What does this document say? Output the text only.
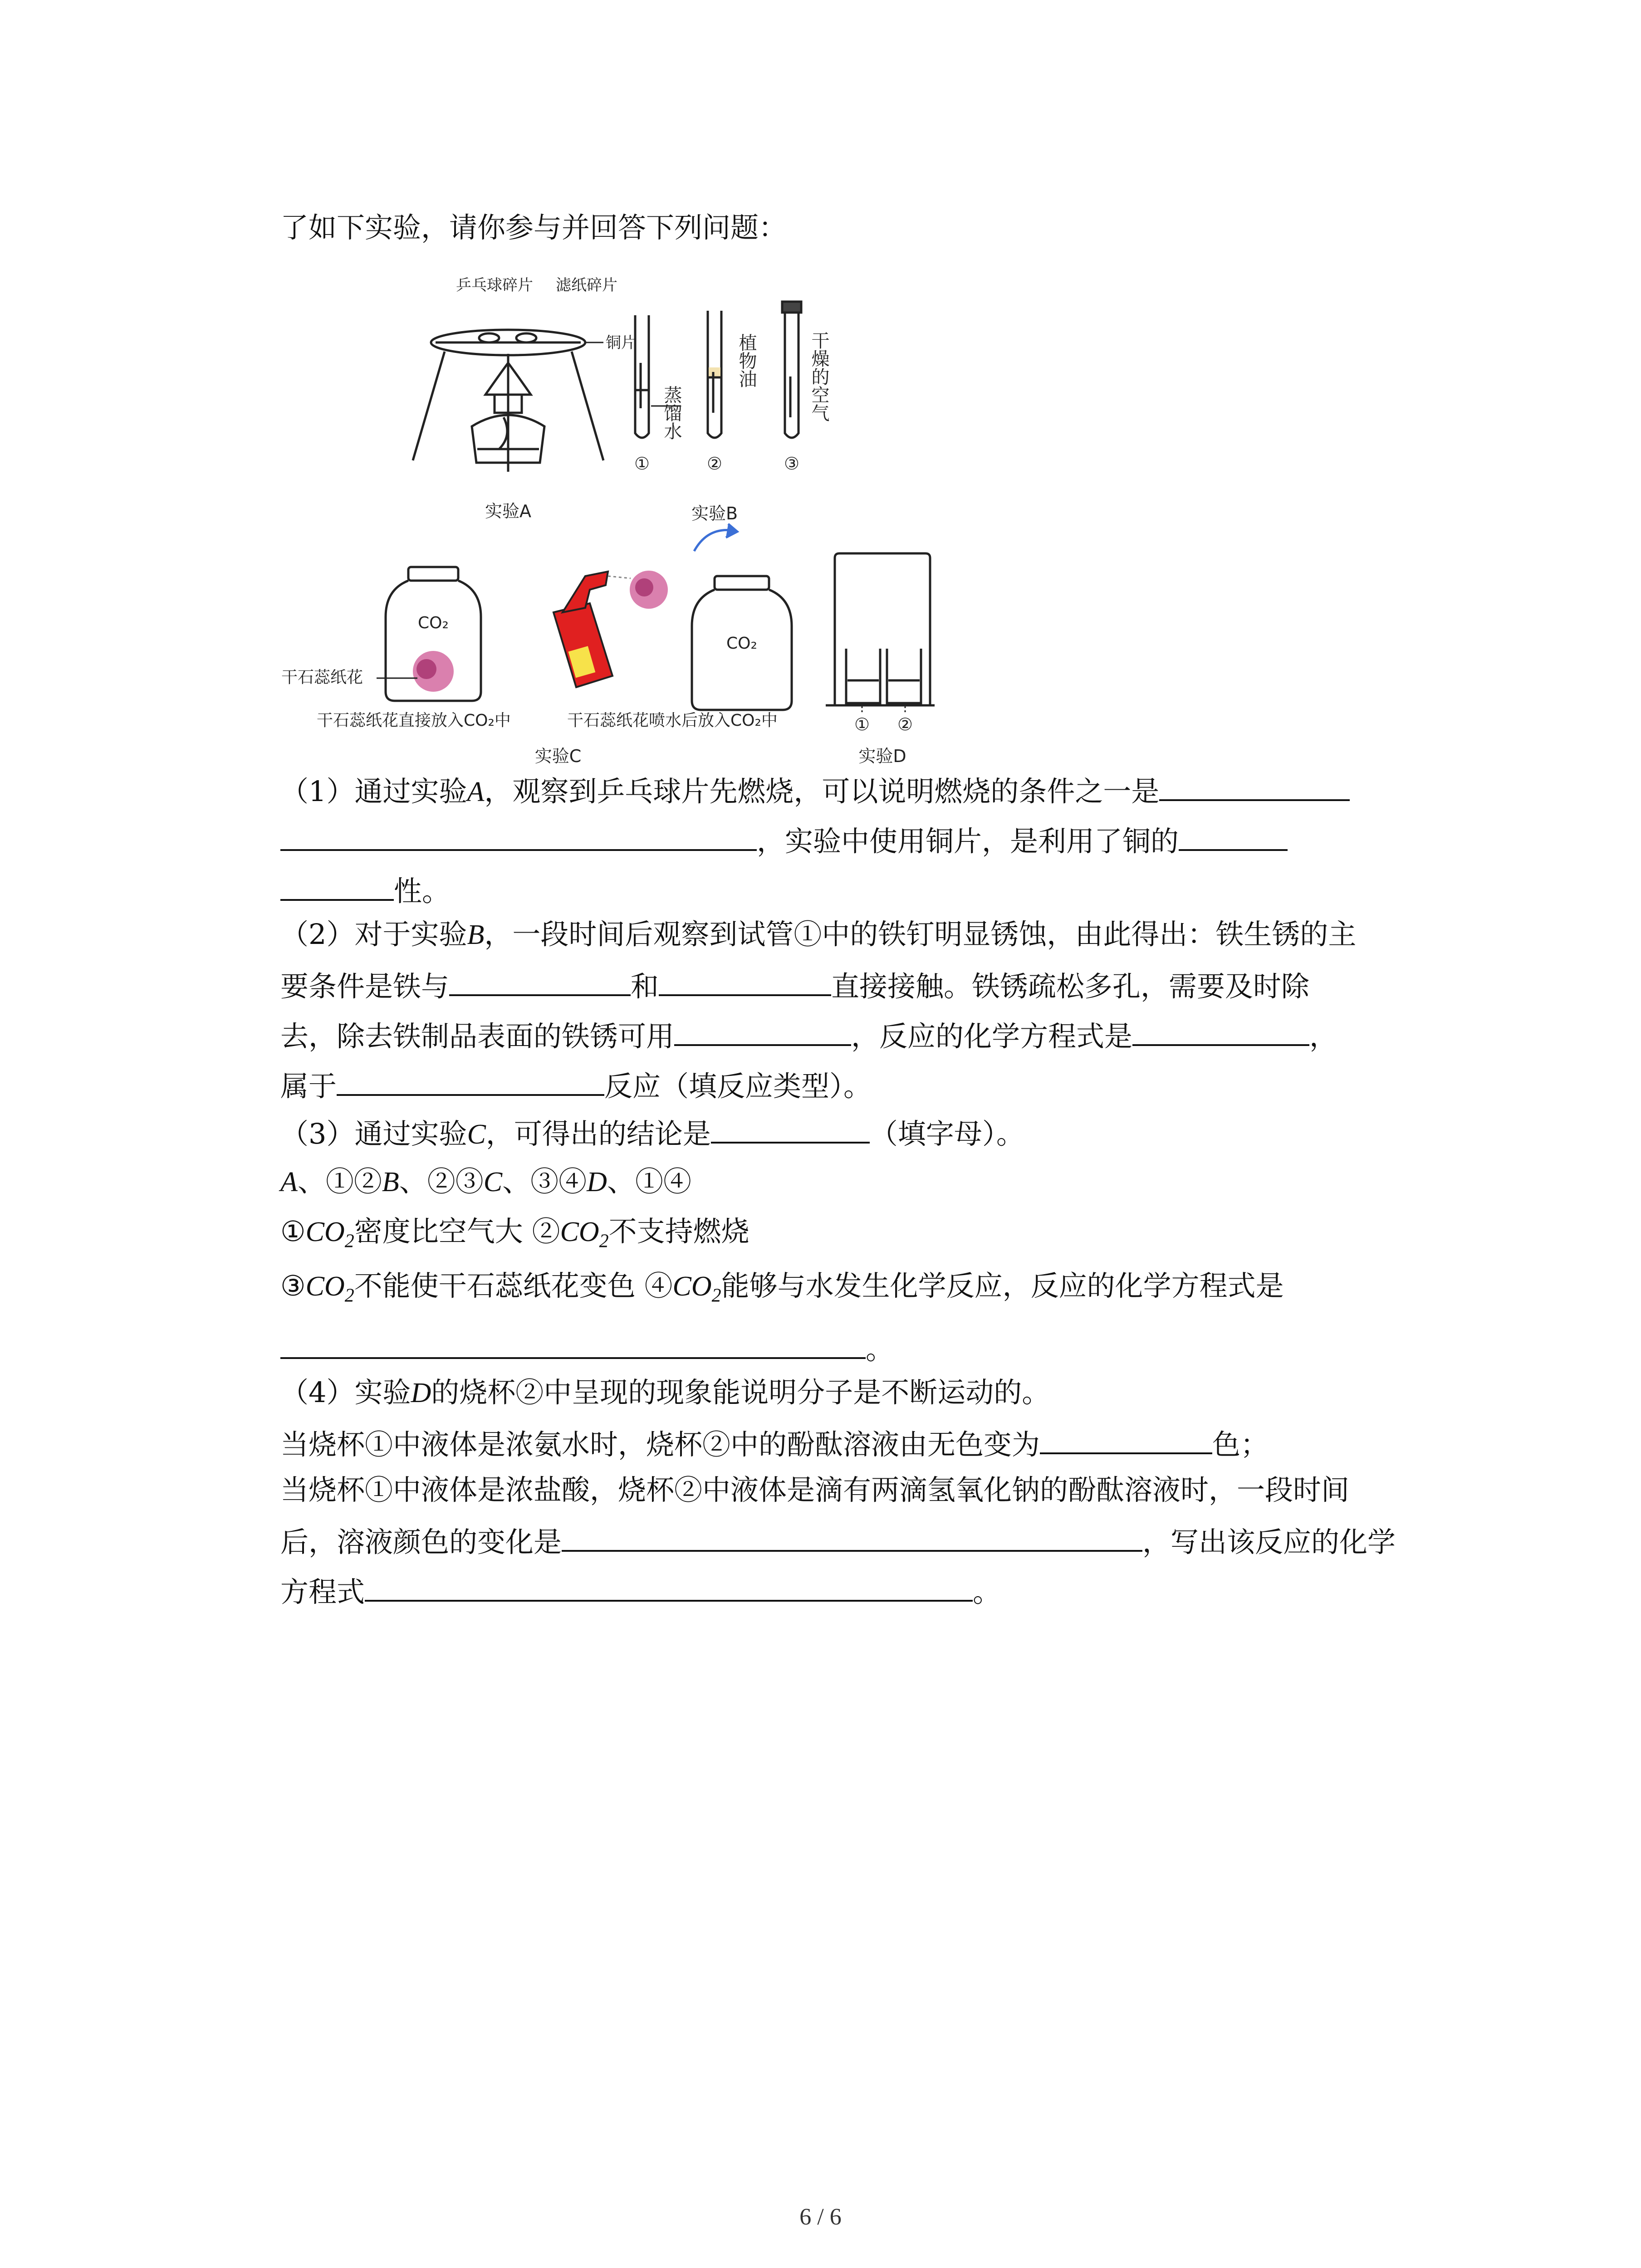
了如下实验，请你参与并回答下列问题：
乒乓球碎片 滤纸碎片
铜片
实验A
蒸馏水
植物油	干燥的空气
①	②	③
实验B
CO₂
CO₂
干石蕊纸花
干石蕊纸花直接放入CO₂中	干石蕊纸花喷水后放入CO₂中
实验C
① ②
实验D
（1）通过实验A，观察到乒乓球片先燃烧，可以说明燃烧的条件之一是
，实验中使用铜片，是利用了铜的
性。
（2）对于实验B，一段时间后观察到试管①中的铁钉明显锈蚀，由此得出：铁生锈的主
要条件是铁与	和	直接接触。铁锈疏松多孔，需要及时除
去，除去铁制品表面的铁锈可用	，反应的化学方程式是	，
属于	反应（填反应类型）。
（3）通过实验C，可得出的结论是	（填字母）。
A、①②B、②③C、③④D、①④
$①CO_2$密度比空气大 $②CO_2$不支持燃烧
$③CO_2$不能使干石蕊纸花变色 $④CO_2$能够与水发生化学反应，反应的化学方程式是
。
（4）实验D的烧杯②中呈现的现象能说明分子是不断运动的。
当烧杯①中液体是浓氨水时，烧杯②中的酚酞溶液由无色变为	色；
当烧杯①中液体是浓盐酸，烧杯②中液体是滴有两滴氢氧化钠的酚酞溶液时，一段时间
后，溶液颜色的变化是	，写出该反应的化学
方程式	。
6 / 6
